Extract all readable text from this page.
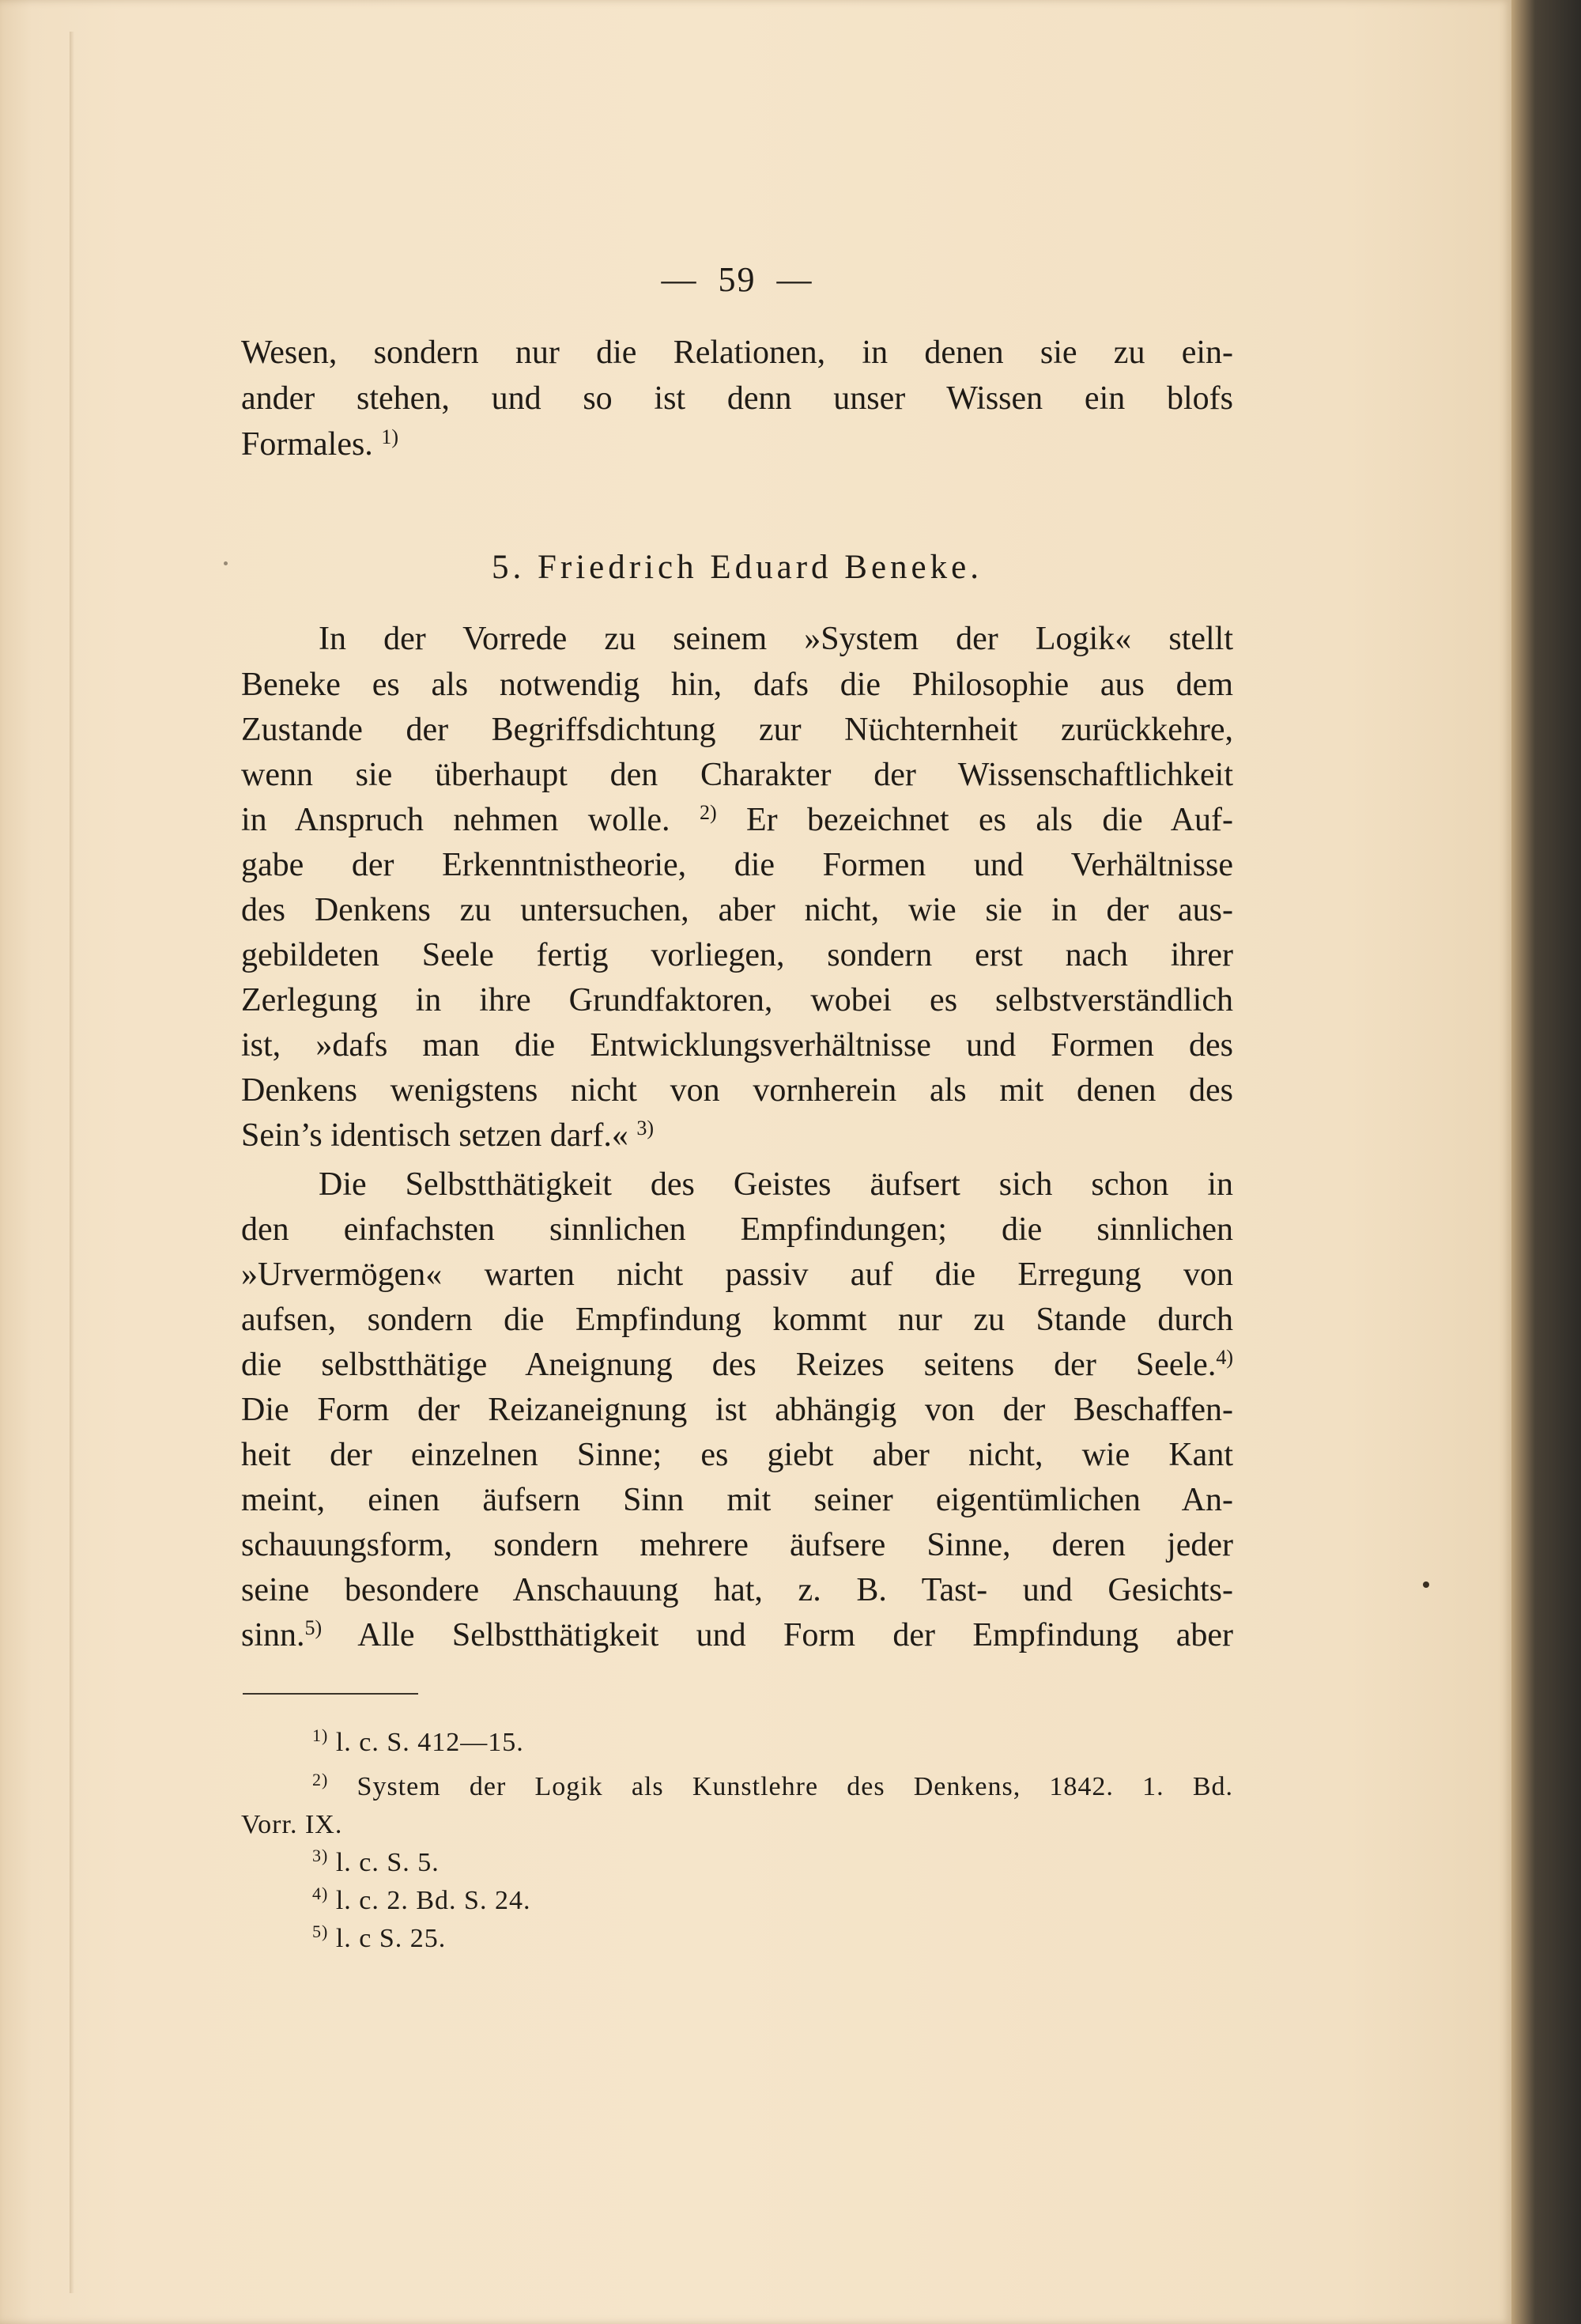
— 59 —
Wesen, sondern nur die Relationen, in denen sie zu ein-
ander stehen, und so ist denn unser Wissen ein blofs
Formales. $^{1)}$
5. Friedrich Eduard Beneke.
In der Vorrede zu seinem »System der Logik« stellt
Beneke es als notwendig hin, dafs die Philosophie aus dem
Zustande der Begriffsdichtung zur Nüchternheit zurückkehre,
wenn sie überhaupt den Charakter der Wissenschaftlichkeit
in Anspruch nehmen wolle. $^{2)}$ Er bezeichnet es als die Auf-
gabe der Erkenntnistheorie, die Formen und Verhältnisse
des Denkens zu untersuchen, aber nicht, wie sie in der aus-
gebildeten Seele fertig vorliegen, sondern erst nach ihrer
Zerlegung in ihre Grundfaktoren, wobei es selbstverständlich
ist, »dafs man die Entwicklungsverhältnisse und Formen des
Denkens wenigstens nicht von vornherein als mit denen des
Sein’s identisch setzen darf.« $^{3)}$
Die Selbstthätigkeit des Geistes äufsert sich schon in
den einfachsten sinnlichen Empfindungen; die sinnlichen
»Urvermögen« warten nicht passiv auf die Erregung von
aufsen, sondern die Empfindung kommt nur zu Stande durch
die selbstthätige Aneignung des Reizes seitens der Seele.$^{4)}$
Die Form der Reizaneignung ist abhängig von der Beschaffen-
heit der einzelnen Sinne; es giebt aber nicht, wie Kant
meint, einen äufsern Sinn mit seiner eigentümlichen An-
schauungsform, sondern mehrere äufsere Sinne, deren jeder
seine besondere Anschauung hat, z. B. Tast- und Gesichts-
sinn.$^{5)}$ Alle Selbstthätigkeit und Form der Empfindung aber
$^{1)}$ l. c. S. 412—15.
$^{2)}$ System der Logik als Kunstlehre des Denkens, 1842. 1. Bd.
Vorr. IX.
$^{3)}$ l. c. S. 5.
$^{4)}$ l. c. 2. Bd. S. 24.
$^{5)}$ l. c S. 25.
